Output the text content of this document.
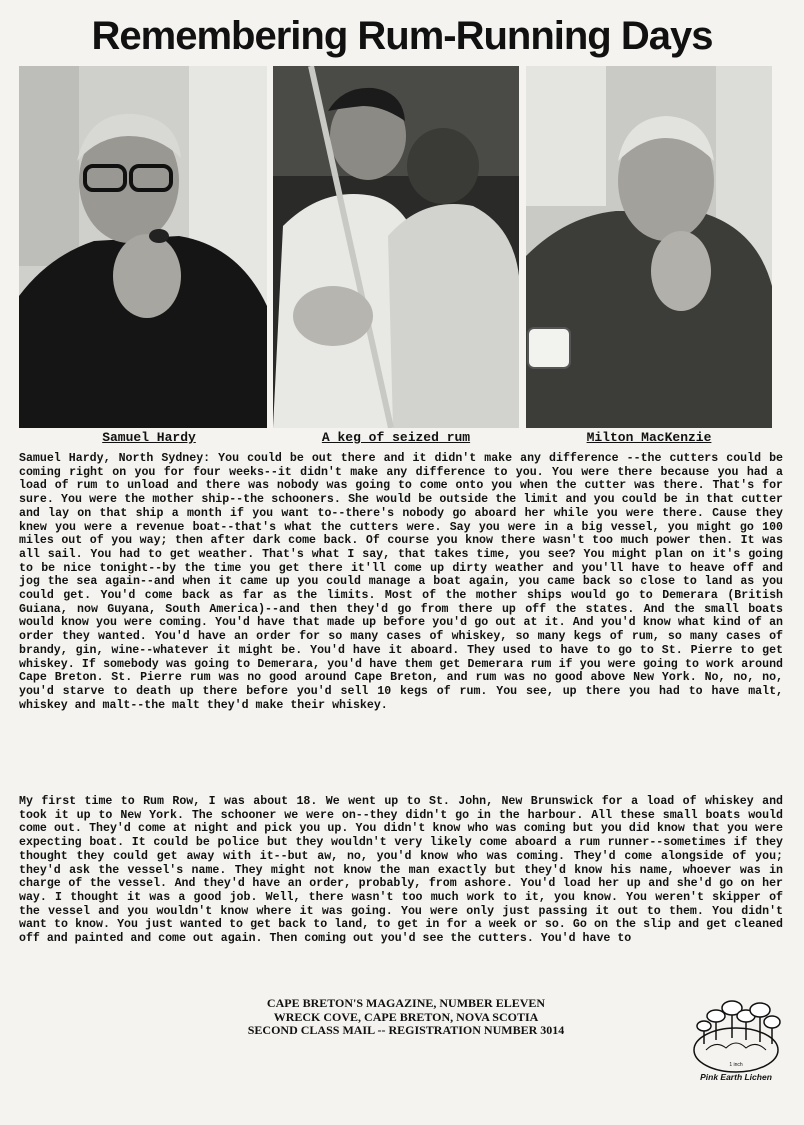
Remembering Rum-Running Days
Samuel Hardy	A keg of seized rum	Milton MacKenzie
Samuel Hardy, North Sydney: You could be out there and it didn't make any difference --the cutters could be coming right on you for four weeks--it didn't make any difference to you. You were there because you had a load of rum to unload and there was nobody was going to come onto you when the cutter was there. That's for sure. You were the mother ship--the schooners. She would be outside the limit and you could be in that cutter and lay on that ship a month if you want to--there's nobody go aboard her while you were there. Cause they knew you were a revenue boat--that's what the cutters were. Say you were in a big vessel, you might go 100 miles out of you way; then after dark come back. Of course you know there wasn't too much power then. It was all sail. You had to get weather. That's what I say, that takes time, you see? You might plan on it's going to be nice tonight--by the time you get there it'll come up dirty weather and you'll have to heave off and jog the sea again--and when it came up you could manage a boat again, you came back so close to land as you could get. You'd come back as far as the limits. Most of the mother ships would go to Demerara (British Guiana, now Guyana, South America)--and then they'd go from there up off the states. And the small boats would know you were coming. You'd have that made up before you'd go out at it. And you'd know what kind of an order they wanted. You'd have an order for so many cases of whiskey, so many kegs of rum, so many cases of brandy, gin, wine--whatever it might be. You'd have it aboard. They used to have to go to St. Pierre to get whiskey. If somebody was going to Demerara, you'd have them get Demerara rum if you were going to work around Cape Breton. St. Pierre rum was no good around Cape Breton, and rum was no good above New York. No, no, no, you'd starve to death up there before you'd sell 10 kegs of rum. You see, up there you had to have malt, whiskey and malt--the malt they'd make their whiskey.
My first time to Rum Row, I was about 18. We went up to St. John, New Brunswick for a load of whiskey and took it up to New York. The schooner we were on--they didn't go in the harbour. All these small boats would come out. They'd come at night and pick you up. You didn't know who was coming but you did know that you were expecting boat. It could be police but they wouldn't very likely come aboard a rum runner--sometimes if they thought they could get away with it--but aw, no, you'd know who was coming. They'd come alongside of you; they'd ask the vessel's name. They might not know the man exactly but they'd know his name, whoever was in charge of the vessel. And they'd have an order, probably, from ashore. You'd load her up and she'd go on her way. I thought it was a good job. Well, there wasn't too much work to it, you know. You weren't skipper of the vessel and you wouldn't know where it was going. You were only just passing it out to them. You didn't want to know. You just wanted to get back to land, to get in for a week or so. Go on the slip and get cleaned off and painted and come out again. Then coming out you'd see the cutters. You'd have to
CAPE BRETON'S MAGAZINE, NUMBER ELEVEN
WRECK COVE, CAPE BRETON, NOVA SCOTIA
SECOND CLASS MAIL -- REGISTRATION NUMBER 3014
1 inch
Pink Earth Lichen
